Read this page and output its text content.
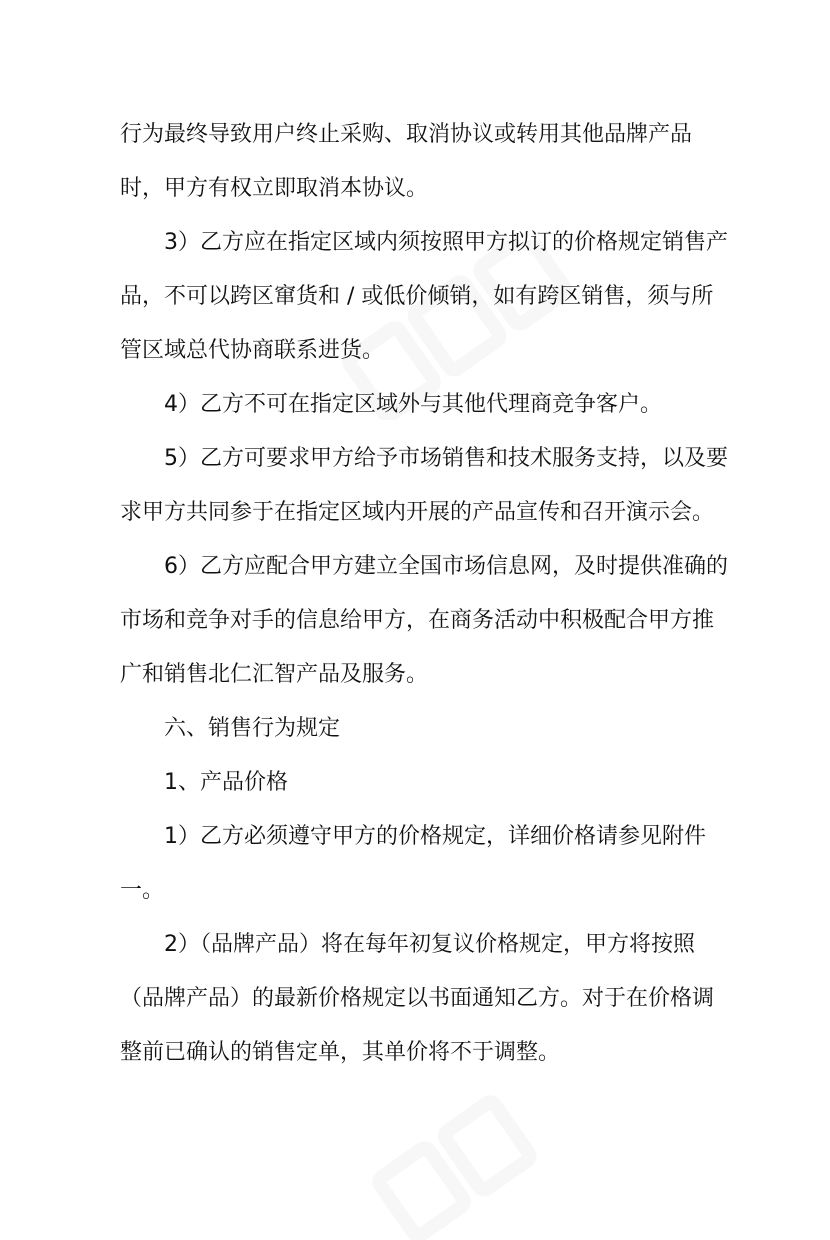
行为最终导致用户终止采购、取消协议或转用其他品牌产品
时，甲方有权立即取消本协议。
3）乙方应在指定区域内须按照甲方拟订的价格规定销售产
品，不可以跨区窜货和 / 或低价倾销，如有跨区销售，须与所
管区域总代协商联系进货。
4）乙方不可在指定区域外与其他代理商竞争客户。
5）乙方可要求甲方给予市场销售和技术服务支持，以及要
求甲方共同参于在指定区域内开展的产品宣传和召开演示会。
6）乙方应配合甲方建立全国市场信息网，及时提供准确的
市场和竞争对手的信息给甲方，在商务活动中积极配合甲方推
广和销售北仁汇智产品及服务。
六、销售行为规定
1、产品价格
1）乙方必须遵守甲方的价格规定，详细价格请参见附件
一。
2）（品牌产品）将在每年初复议价格规定，甲方将按照
（品牌产品）的最新价格规定以书面通知乙方。对于在价格调
整前已确认的销售定单，其单价将不于调整。
